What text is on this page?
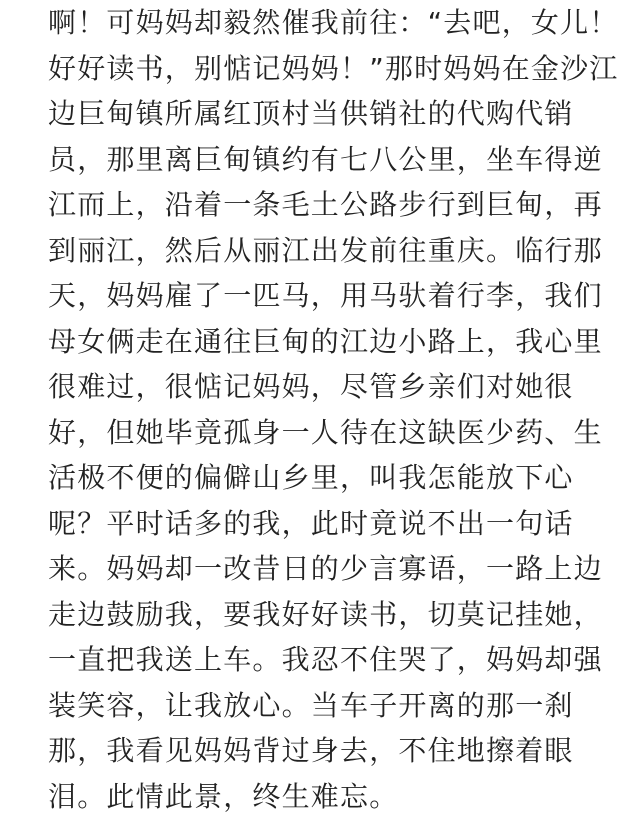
啊！可妈妈却毅然催我前往：“去吧，女儿！
好好读书，别惦记妈妈！”那时妈妈在金沙江
边巨甸镇所属红顶村当供销社的代购代销
员，那里离巨甸镇约有七八公里，坐车得逆
江而上，沿着一条毛土公路步行到巨甸，再
到丽江，然后从丽江出发前往重庆。临行那
天，妈妈雇了一匹马，用马驮着行李，我们
母女俩走在通往巨甸的江边小路上，我心里
很难过，很惦记妈妈，尽管乡亲们对她很
好，但她毕竟孤身一人待在这缺医少药、生
活极不便的偏僻山乡里，叫我怎能放下心
呢？平时话多的我，此时竟说不出一句话
来。妈妈却一改昔日的少言寡语，一路上边
走边鼓励我，要我好好读书，切莫记挂她，
一直把我送上车。我忍不住哭了，妈妈却强
装笑容，让我放心。当车子开离的那一刹
那，我看见妈妈背过身去，不住地擦着眼
泪。此情此景，终生难忘。
